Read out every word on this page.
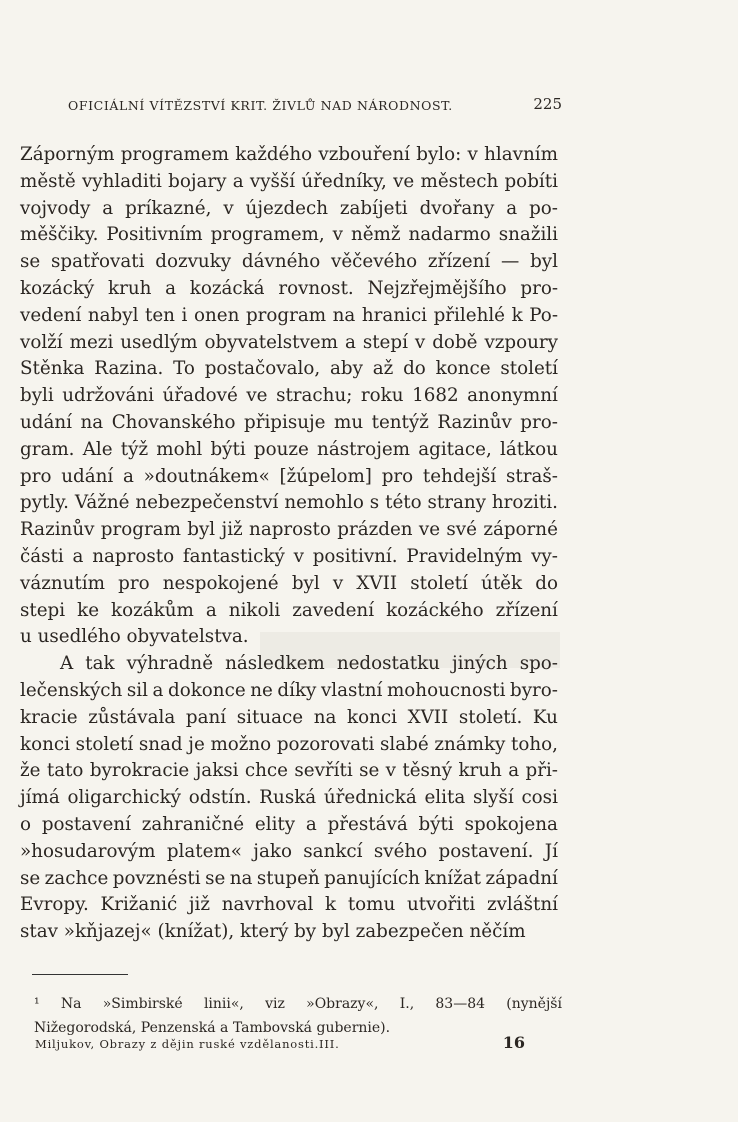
OFICIÁLNÍ VÍTĚZSTVÍ KRIT. ŽIVLŮ NAD NÁRODNOST.	225
Záporným programem každého vzbouření bylo: v hlavním
městě vyhladiti bojary a vyšší úředníky, ve městech pobíti
vojvody a príkazné, v újezdech zabíjeti dvořany a po-
měščiky. Positivním programem, v němž nadarmo snažili
se spatřovati dozvuky dávného věčevého zřízení — byl
kozácký kruh a kozácká rovnost. Nejzřejmějšího pro-
vedení nabyl ten i onen program na hranici přilehlé k Po-
volží mezi usedlým obyvatelstvem a stepí v době vzpoury
Stěnka Razina. To postačovalo, aby až do konce století
byli udržováni úřadové ve strachu; roku 1682 anonymní
udání na Chovanského připisuje mu tentýž Razinův pro-
gram. Ale týž mohl býti pouze nástrojem agitace, látkou
pro udání a »doutnákem« [žúpelom] pro tehdejší straš-
pytly. Vážné nebezpečenství nemohlo s této strany hroziti.
Razinův program byl již naprosto prázden ve své záporné
části a naprosto fantastický v positivní. Pravidelným vy-
váznutím pro nespokojené byl v XVII století útěk do
stepi ke kozákům a nikoli zavedení kozáckého zřízení
u
usedlého
obyvatelstva.

A tak výhradně následkem nedostatku jiných spo-
lečenských sil a dokonce ne díky vlastní mohoucnosti byro-
kracie zůstávala paní situace na konci XVII století. Ku
konci století snad je možno pozorovati slabé známky toho,
že tato byrokracie jaksi chce sevříti se v těsný kruh a při-
jímá oligarchický odstín. Ruská úřednická elita slyší cosi
o postavení zahraničné elity a přestává býti spokojena
»hosudarovým platem« jako sankcí svého postavení. Jí
se zachce povznésti se na stupeň panujících knížat západní
Evropy. Križanić již navrhoval k tomu utvořiti zvláštní
stav
»kňjazej«
(knížat),
který
by
byl
zabezpečen
něčím

¹ Na »Simbirské linii«, viz »Obrazy«, I., 83—84 (nynější
Nižegorodská,
Penzenská
a
Tambovská
gubernie).

Miljukov, Obrazy z dějin ruské vzdělanosti.III.	16
